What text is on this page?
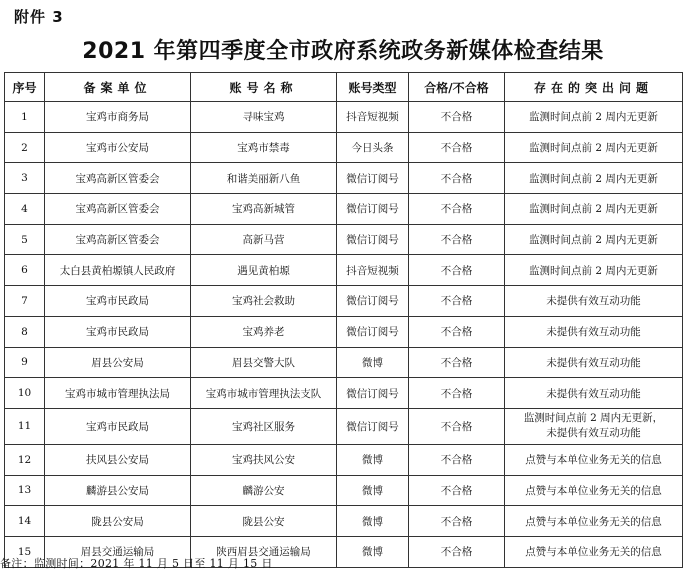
附件 3
2021 年第四季度全市政府系统政务新媒体检查结果
序号	备案单位	账号名称	账号类型	合格/不合格	存在的突出问题
1	宝鸡市商务局	寻味宝鸡	抖音短视频	不合格	监测时间点前 2 周内无更新
2	宝鸡市公安局	宝鸡市禁毒	今日头条	不合格	监测时间点前 2 周内无更新
3	宝鸡高新区管委会	和谐美丽新八鱼	微信订阅号	不合格	监测时间点前 2 周内无更新
4	宝鸡高新区管委会	宝鸡高新城管	微信订阅号	不合格	监测时间点前 2 周内无更新
5	宝鸡高新区管委会	高新马营	微信订阅号	不合格	监测时间点前 2 周内无更新
6	太白县黄柏塬镇人民政府	遇见黄柏塬	抖音短视频	不合格	监测时间点前 2 周内无更新
7	宝鸡市民政局	宝鸡社会救助	微信订阅号	不合格	未提供有效互动功能
8	宝鸡市民政局	宝鸡养老	微信订阅号	不合格	未提供有效互动功能
9	眉县公安局	眉县交警大队	微博	不合格	未提供有效互动功能
10	宝鸡市城市管理执法局	宝鸡市城市管理执法支队	微信订阅号	不合格	未提供有效互动功能
11	宝鸡市民政局	宝鸡社区服务	微信订阅号	不合格	监测时间点前 2 周内无更新，
未提供有效互动功能

12	扶风县公安局	宝鸡扶风公安	微博	不合格	点赞与本单位业务无关的信息
13	麟游县公安局	麟游公安	微博	不合格	点赞与本单位业务无关的信息
14	陇县公安局	陇县公安	微博	不合格	点赞与本单位业务无关的信息
15	眉县交通运输局	陕西眉县交通运输局	微博	不合格	点赞与本单位业务无关的信息
备注：监测时间：2021 年 11 月 5 日至 11 月 15 日
